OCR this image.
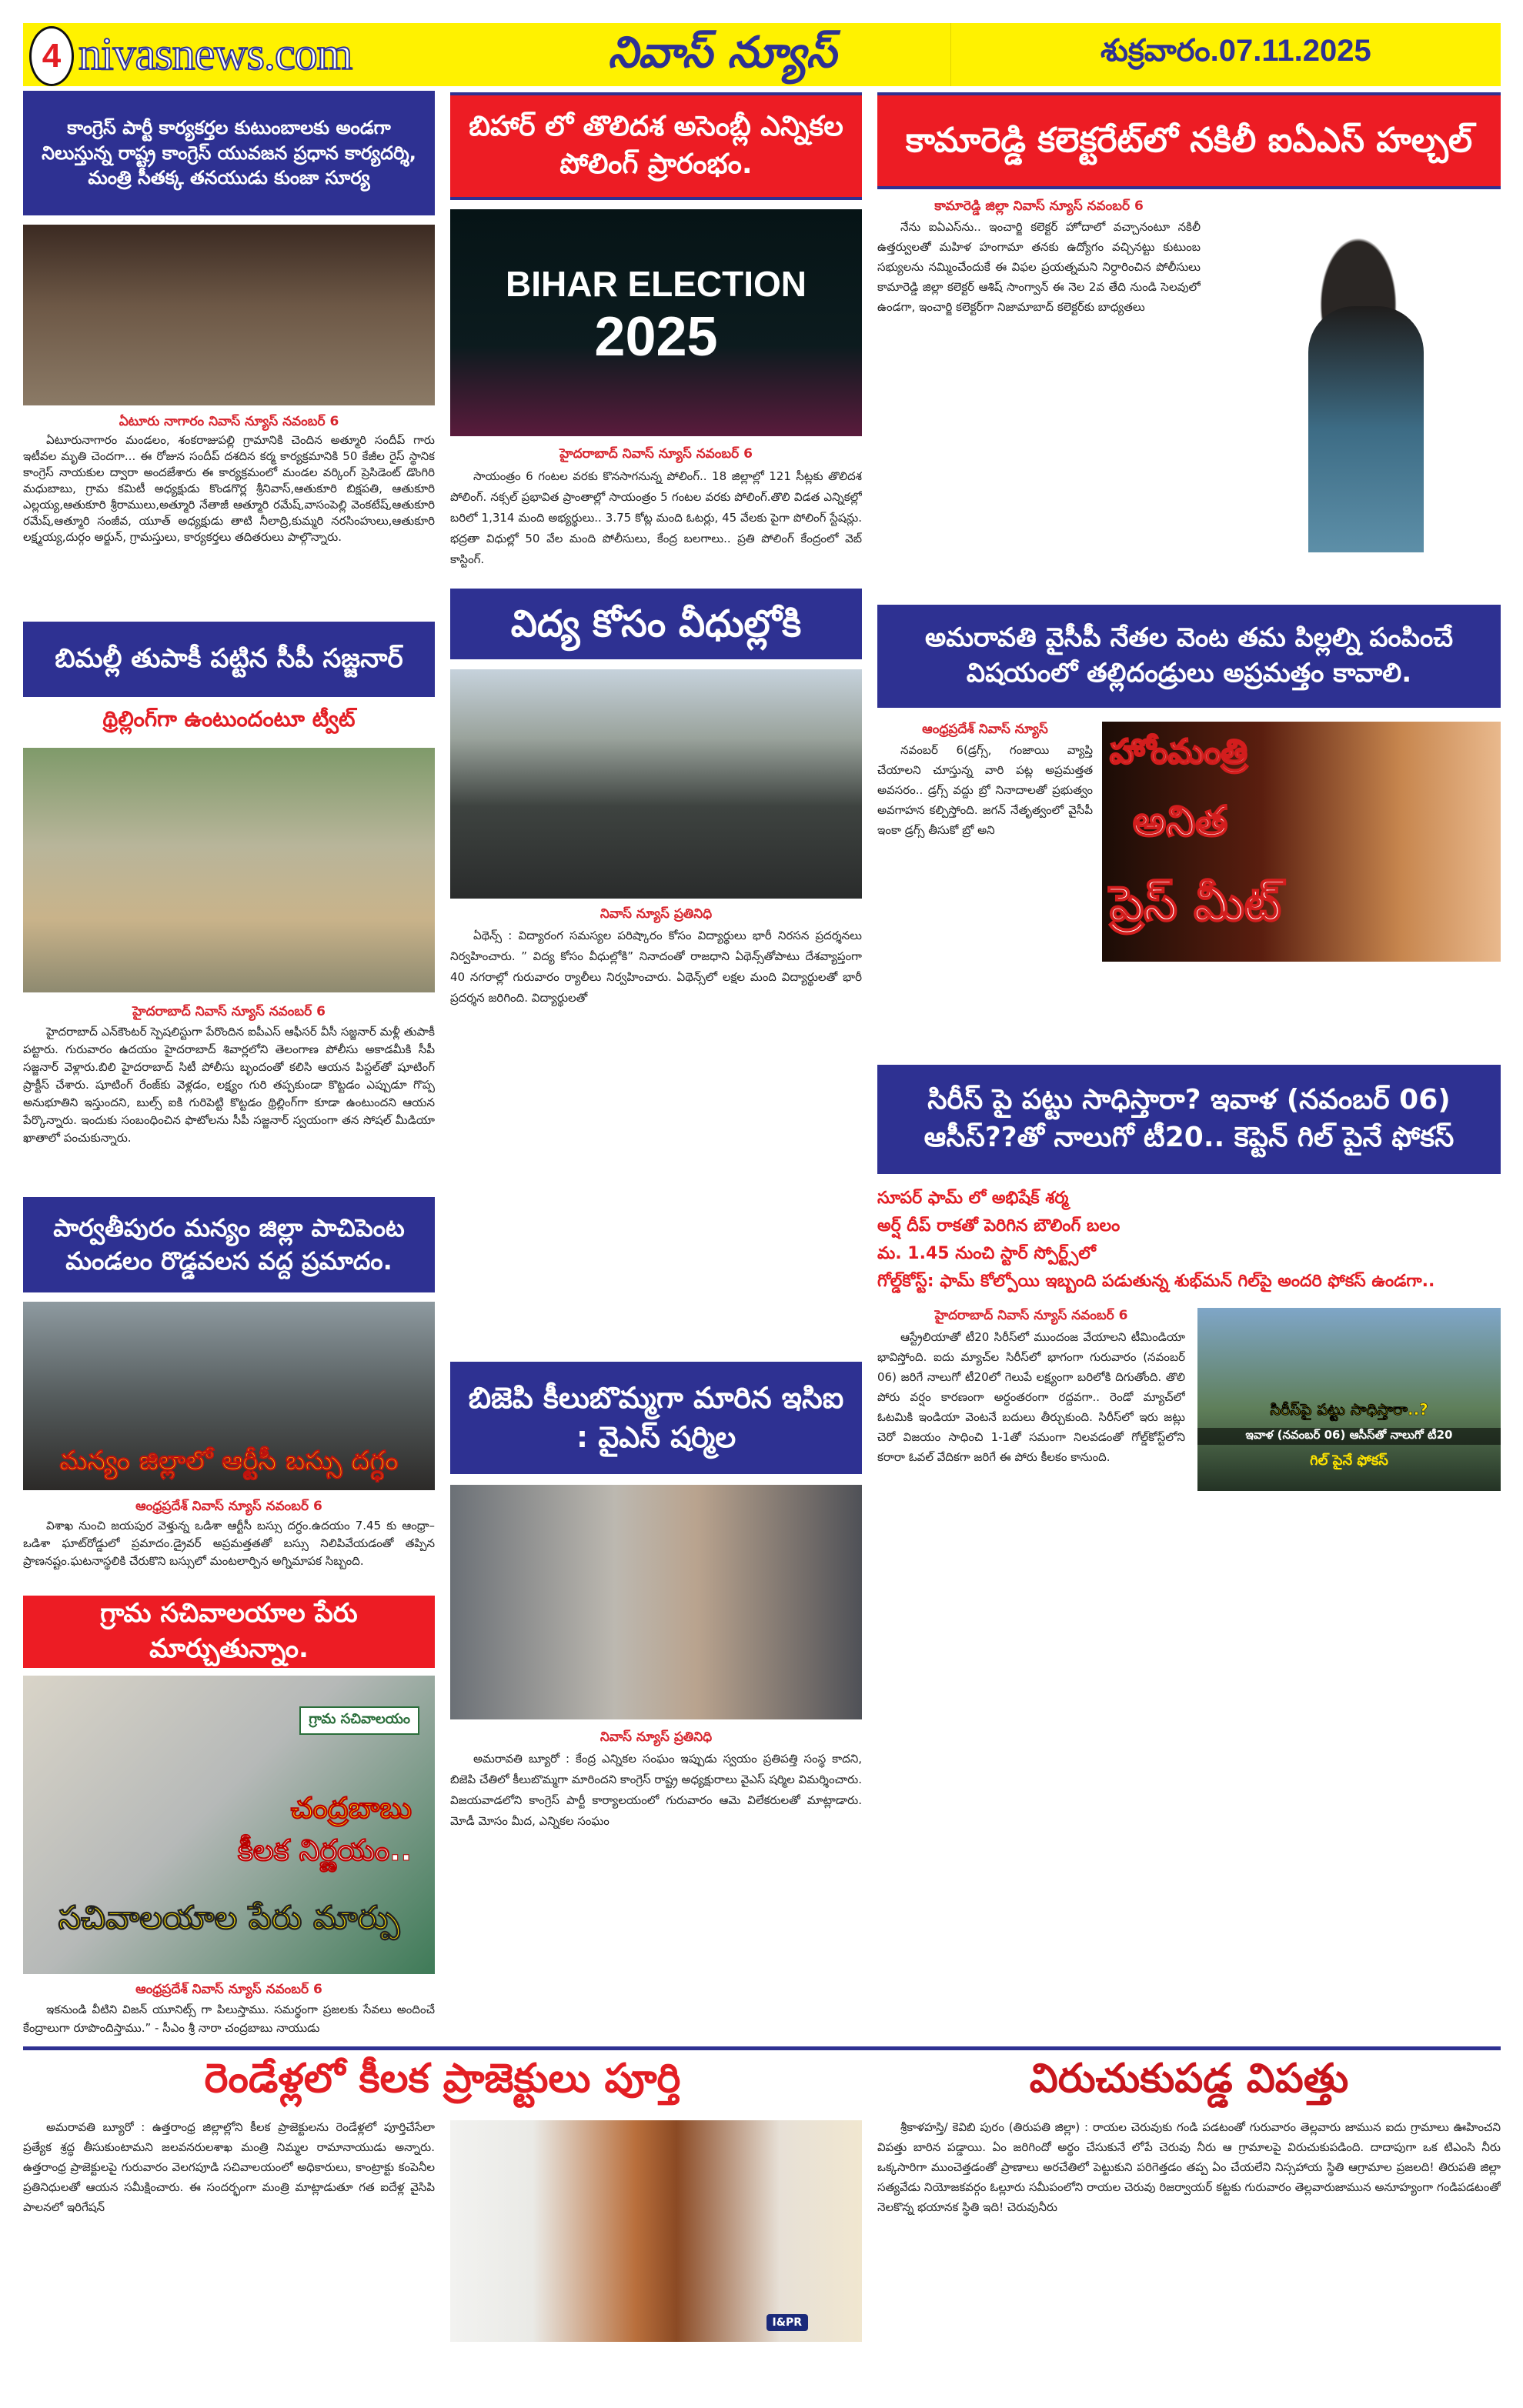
4 nivasnews.com	నివాస్ న్యూస్	శుక్రవారం.07.11.2025
కాంగ్రెస్ పార్టీ కార్యకర్తల కుటుంబాలకు అండగా నిలుస్తున్న రాష్ట్ర కాంగ్రెస్ యువజన ప్రధాన కార్యదర్శి, మంత్రి సీతక్క తనయుడు కుంజా సూర్య
ఏటూరు నాగారం నివాస్ న్యూస్ నవంబర్ 6
ఏటూరునాగారం మండలం, శంకరాజుపల్లి గ్రామానికి చెందిన అత్మూరి సందీప్ గారు ఇటీవల మృతి చెందగా... ఈ రోజున సందీప్ దశదిన కర్మ కార్యక్రమానికి 50 కేజీల రైస్ స్థానిక కాంగ్రెస్ నాయకుల ద్వారా అందజేశారు ఈ కార్యక్రమంలో మండల వర్కింగ్ ప్రెసిడెంట్ డొంగిరి మధుబాబు, గ్రామ కమిటీ అధ్యక్షుడు కొండగొర్ల శ్రీనివాస్,ఆతుకూరి బిక్షపతి, ఆతుకూరి ఎల్లయ్య,ఆతుకూరి శ్రీరాములు,అత్మూరి నేతాజీ ఆత్మూరి రమేష్,వాసంపెల్లి వెంకటేష్,ఆతుకూరి రమేష్,ఆత్మూరి సంజీవ, యూత్ అధ్యక్షుడు తాటి నీలాద్రి,కుమ్మరి నరసింహులు,ఆతుకూరి లక్ష్మయ్య,దుర్గం అర్జున్, గ్రామస్తులు, కార్యకర్తలు తదితరులు పాల్గొన్నారు.
బిమల్లీ తుపాకీ పట్టిన సీపీ సజ్జనార్
థ్రిల్లింగ్‌గా ఉంటుందంటూ ట్వీట్
హైదరాబాద్ నివాస్ న్యూస్ నవంబర్ 6
హైదరాబాద్ ఎన్‌కౌంటర్ స్పెషలిస్టుగా పేరొందిన ఐపీఎస్ ఆఫీసర్ వీసీ సజ్జనార్ మళ్లీ తుపాకీ పట్టారు. గురువారం ఉదయం హైదరాబాద్ శివార్లలోని తెలంగాణ పోలీసు అకాడమీకి సీపీ సజ్జనార్ వెళ్లారు.బిలి హైదరాబాద్ సిటీ పోలీసు బృందంతో కలిసి ఆయన పిస్టల్‌తో షూటింగ్ ప్రాక్టీస్ చేశారు. షూటింగ్ రేంజ్‌కు వెళ్లడం, లక్ష్యం గురి తప్పకుండా కొట్టడం ఎప్పుడూ గొప్ప అనుభూతిని ఇస్తుందని, బుల్స్ ఐకి గురిపెట్టి కొట్టడం థ్రిల్లింగ్‌గా కూడా ఉంటుందని ఆయన పేర్కొన్నారు. ఇందుకు సంబంధించిన ఫొటోలను సీపీ సజ్జనార్ స్వయంగా తన సోషల్ మీడియా ఖాతాలో పంచుకున్నారు.
పార్వతీపురం మన్యం జిల్లా పాచిపెంట మండలం రొడ్డవలస వద్ద ప్రమాదం.
మన్యం జిల్లాలో ఆర్టీసీ బస్సు దగ్ధం
ఆంధ్రప్రదేశ్ నివాస్ న్యూస్ నవంబర్ 6
విశాఖ నుంచి జయపుర వెళ్తున్న ఒడిశా ఆర్టీసీ బస్సు దగ్ధం.ఉదయం 7.45 కు ఆంధ్రా–ఒడిశా ఘాట్‌రోడ్డులో ప్రమాదం.డ్రైవర్ అప్రమత్తతతో బస్సు నిలిపివేయడంతో తప్పిన ప్రాణనష్టం.ఘటనాస్థలికి చేరుకొని బస్సులో మంటలార్పిన అగ్నిమాపక సిబ్బంది.
గ్రామ సచివాలయాల పేరు మార్చుతున్నాం.
గ్రామ సచివాలయం
చంద్రబాబు
కీలక నిర్ణయం..
సచివాలయాల పేరు మార్పు
ఆంధ్రప్రదేశ్ నివాస్ న్యూస్ నవంబర్ 6
ఇకనుండి వీటిని విజన్ యూనిట్స్ గా పిలుస్తాము. సమర్థంగా ప్రజలకు సేవలు అందించే కేంద్రాలుగా రూపొందిస్తాము.” - సీఎం శ్రీ నారా చంద్రబాబు నాయుడు
బిహార్ లో తొలిదశ అసెంబ్లీ ఎన్నికల పోలింగ్ ప్రారంభం.
BIHAR ELECTION
2025
హైదరాబాద్ నివాస్ న్యూస్ నవంబర్ 6
సాయంత్రం 6 గంటల వరకు కొనసాగనున్న పోలింగ్.. 18 జిల్లాల్లో 121 సీట్లకు తొలిదశ పోలింగ్. నక్సల్ ప్రభావిత ప్రాంతాల్లో సాయంత్రం 5 గంటల వరకు పోలింగ్.తొలి విడత ఎన్నికల్లో బరిలో 1,314 మంది అభ్యర్థులు.. 3.75 కోట్ల మంది ఓటర్లు, 45 వేలకు పైగా పోలింగ్ స్టేషన్లు. భద్రతా విధుల్లో 50 వేల మంది పోలీసులు, కేంద్ర బలగాలు.. ప్రతి పోలింగ్ కేంద్రంలో వెబ్ కాస్టింగ్.
విద్య కోసం వీధుల్లోకి
నివాస్ న్యూస్ ప్రతినిధి
ఏథెన్స్ : విద్యారంగ సమస్యల పరిష్కారం కోసం విద్యార్థులు భారీ నిరసన ప్రదర్శనలు నిర్వహించారు. ” విద్య కోసం వీధుల్లోకి” నినాదంతో రాజధాని ఏథెన్స్‌తోపాటు దేశవ్యాప్తంగా 40 నగరాల్లో గురువారం ర్యాలీలు నిర్వహించారు. ఏథెన్స్‌లో లక్షల మంది విద్యార్థులతో భారీ ప్రదర్శన జరిగింది. విద్యార్థులతో
బిజెపి కీలుబొమ్మగా మారిన ఇసిఐ : వైఎస్ షర్మిల
నివాస్ న్యూస్ ప్రతినిధి
అమరావతి బ్యూరో : కేంద్ర ఎన్నికల సంఘం ఇప్పుడు స్వయం ప్రతిపత్తి సంస్థ కాదని, బిజెపి చేతిలో కీలుబొమ్మగా మారిందని కాంగ్రెస్ రాష్ట్ర అధ్యక్షురాలు వైఎస్ షర్మిల విమర్శించారు. విజయవాడలోని కాంగ్రెస్ పార్టీ కార్యాలయంలో గురువారం ఆమె విలేకరులతో మాట్లాడారు. మోడీ మోసం మీద, ఎన్నికల సంఘం
కామారెడ్డి కలెక్టరేట్‌లో నకిలీ ఐఏఎస్ హల్చల్
కామారెడ్డి జిల్లా నివాస్ న్యూస్ నవంబర్ 6
నేను ఐఏఎస్‌ను.. ఇంచార్జి కలెక్టర్ హోదాలో వచ్చానంటూ నకిలీ ఉత్తర్వులతో మహిళ హంగామా తనకు ఉద్యోగం వచ్చినట్టు కుటుంబ సభ్యులను నమ్మించేందుకే ఈ విఫల ప్రయత్నమని నిర్ధారించిన పోలీసులు కామారెడ్డి జిల్లా కలెక్టర్ ఆశిష్ సాంగ్వాన్ ఈ నెల 2వ తేది నుండి సెలవులో ఉండగా, ఇంచార్జి కలెక్టర్‌గా నిజామాబాద్ కలెక్టర్‌కు బాధ్యతలు
అమరావతి వైసీపీ నేతల వెంట తమ పిల్లల్ని పంపించే విషయంలో తల్లిదండ్రులు అప్రమత్తం కావాలి.
ఆంధ్రప్రదేశ్ నివాస్ న్యూస్
నవంబర్ 6(డ్రగ్స్, గంజాయి వ్యాప్తి చేయాలని చూస్తున్న వారి పట్ల అప్రమత్తత అవసరం.. డ్రగ్స్ వద్దు బ్రో నినాదాలతో ప్రభుత్వం అవగాహన కల్పిస్తోంది. జగన్ నేతృత్వంలో వైసీపీ ఇంకా డ్రగ్స్ తీసుకో బ్రో అని
హోంమంత్రి
అనిత
ప్రెస్ మీట్
సిరీస్ పై పట్టు సాధిస్తారా? ఇవాళ (నవంబర్ 06) ఆసీస్??తో నాలుగో టీ20.. కెప్టెన్ గిల్ పైనే ఫోకస్
సూపర్ ఫామ్ లో అభిషేక్ శర్మ
అర్ష్ దీప్ రాకతో పెరిగిన బౌలింగ్ బలం
మ. 1.45 నుంచి స్టార్ స్పోర్ట్స్‌లో
గోల్డ్‌కోస్ట్: ఫామ్ కోల్పోయి ఇబ్బంది పడుతున్న శుభ్‌మన్ గిల్‌పై అందరి ఫోకస్ ఉండగా..
హైదరాబాద్ నివాస్ న్యూస్ నవంబర్ 6
ఆస్ట్రేలియాతో టీ20 సిరీస్‌లో ముందంజ వేయాలని టీమిండియా భావిస్తోంది. ఐదు మ్యాచ్‌ల సిరీస్‌లో భాగంగా గురువారం (నవంబర్ 06) జరిగే నాలుగో టీ20లో గెలుపే లక్ష్యంగా బరిలోకి దిగుతోంది. తొలి పోరు వర్షం కారణంగా అర్ధంతరంగా రద్దవగా.. రెండో మ్యాచ్‌లో ఓటమికి ఇండియా వెంటనే బదులు తీర్చుకుంది. సిరీస్‌లో ఇరు జట్లు చెరో విజయం సాధించి 1-1తో సమంగా నిలవడంతో గోల్డ్‌కోస్ట్‌లోని కరారా ఓవల్ వేదికగా జరిగే ఈ పోరు కీలకం కానుంది.
సిరీస్‌పై పట్టు సాధిస్తారా..?
ఇవాళ (నవంబర్ 06) ఆసీస్‌తో నాలుగో టీ20
గిల్ పైనే ఫోకస్
రెండేళ్లలో కీలక ప్రాజెక్టులు పూర్తి	విరుచుకుపడ్డ విపత్తు
అమరావతి బ్యూరో : ఉత్తరాంధ్ర జిల్లాల్లోని కీలక ప్రాజెక్టులను రెండేళ్లలో పూర్తిచేసేలా ప్రత్యేక శ్రద్ధ తీసుకుంటామని జలవనరులశాఖ మంత్రి నిమ్మల రామానాయుడు అన్నారు. ఉత్తరాంధ్ర ప్రాజెక్టులపై గురువారం వెలగపూడి సచివాలయంలో అధికారులు, కాంట్రాక్టు కంపెనీల ప్రతినిధులతో ఆయన సమీక్షించారు. ఈ సందర్భంగా మంత్రి మాట్లాడుతూ గత ఐదేళ్ల వైసిపి పాలనలో ఇరిగేషన్
I&PR
శ్రీకాళహస్తి/ కెవిబి పురం (తిరుపతి జిల్లా) : రాయల చెరువుకు గండి పడటంతో గురువారం తెల్లవారు జామున ఐదు గ్రామాలు ఊహించని విపత్తు బారిన పడ్డాయి. ఏం జరిగిందో అర్థం చేసుకునే లోపే చెరువు నీరు ఆ గ్రామాలపై విరుచుకుపడింది. దాదాపుగా ఒక టిఎంసి నీరు ఒక్కసారిగా ముంచెత్తడంతో ప్రాణాలు అరచేతిలో పెట్టుకుని పరిగెత్తడం తప్ప ఏం చేయలేని నిస్సహాయ స్థితి ఆగ్రామాల ప్రజలది! తిరుపతి జిల్లా సత్యవేడు నియోజకవర్గం ఓల్లూరు సమీపంలోని రాయల చెరువు రిజర్వాయర్ కట్టకు గురువారం తెల్లవారుజామున అనూహ్యంగా గండిపడటంతో నెలకొన్న భయానక స్థితి ఇది! చెరువునీరు
